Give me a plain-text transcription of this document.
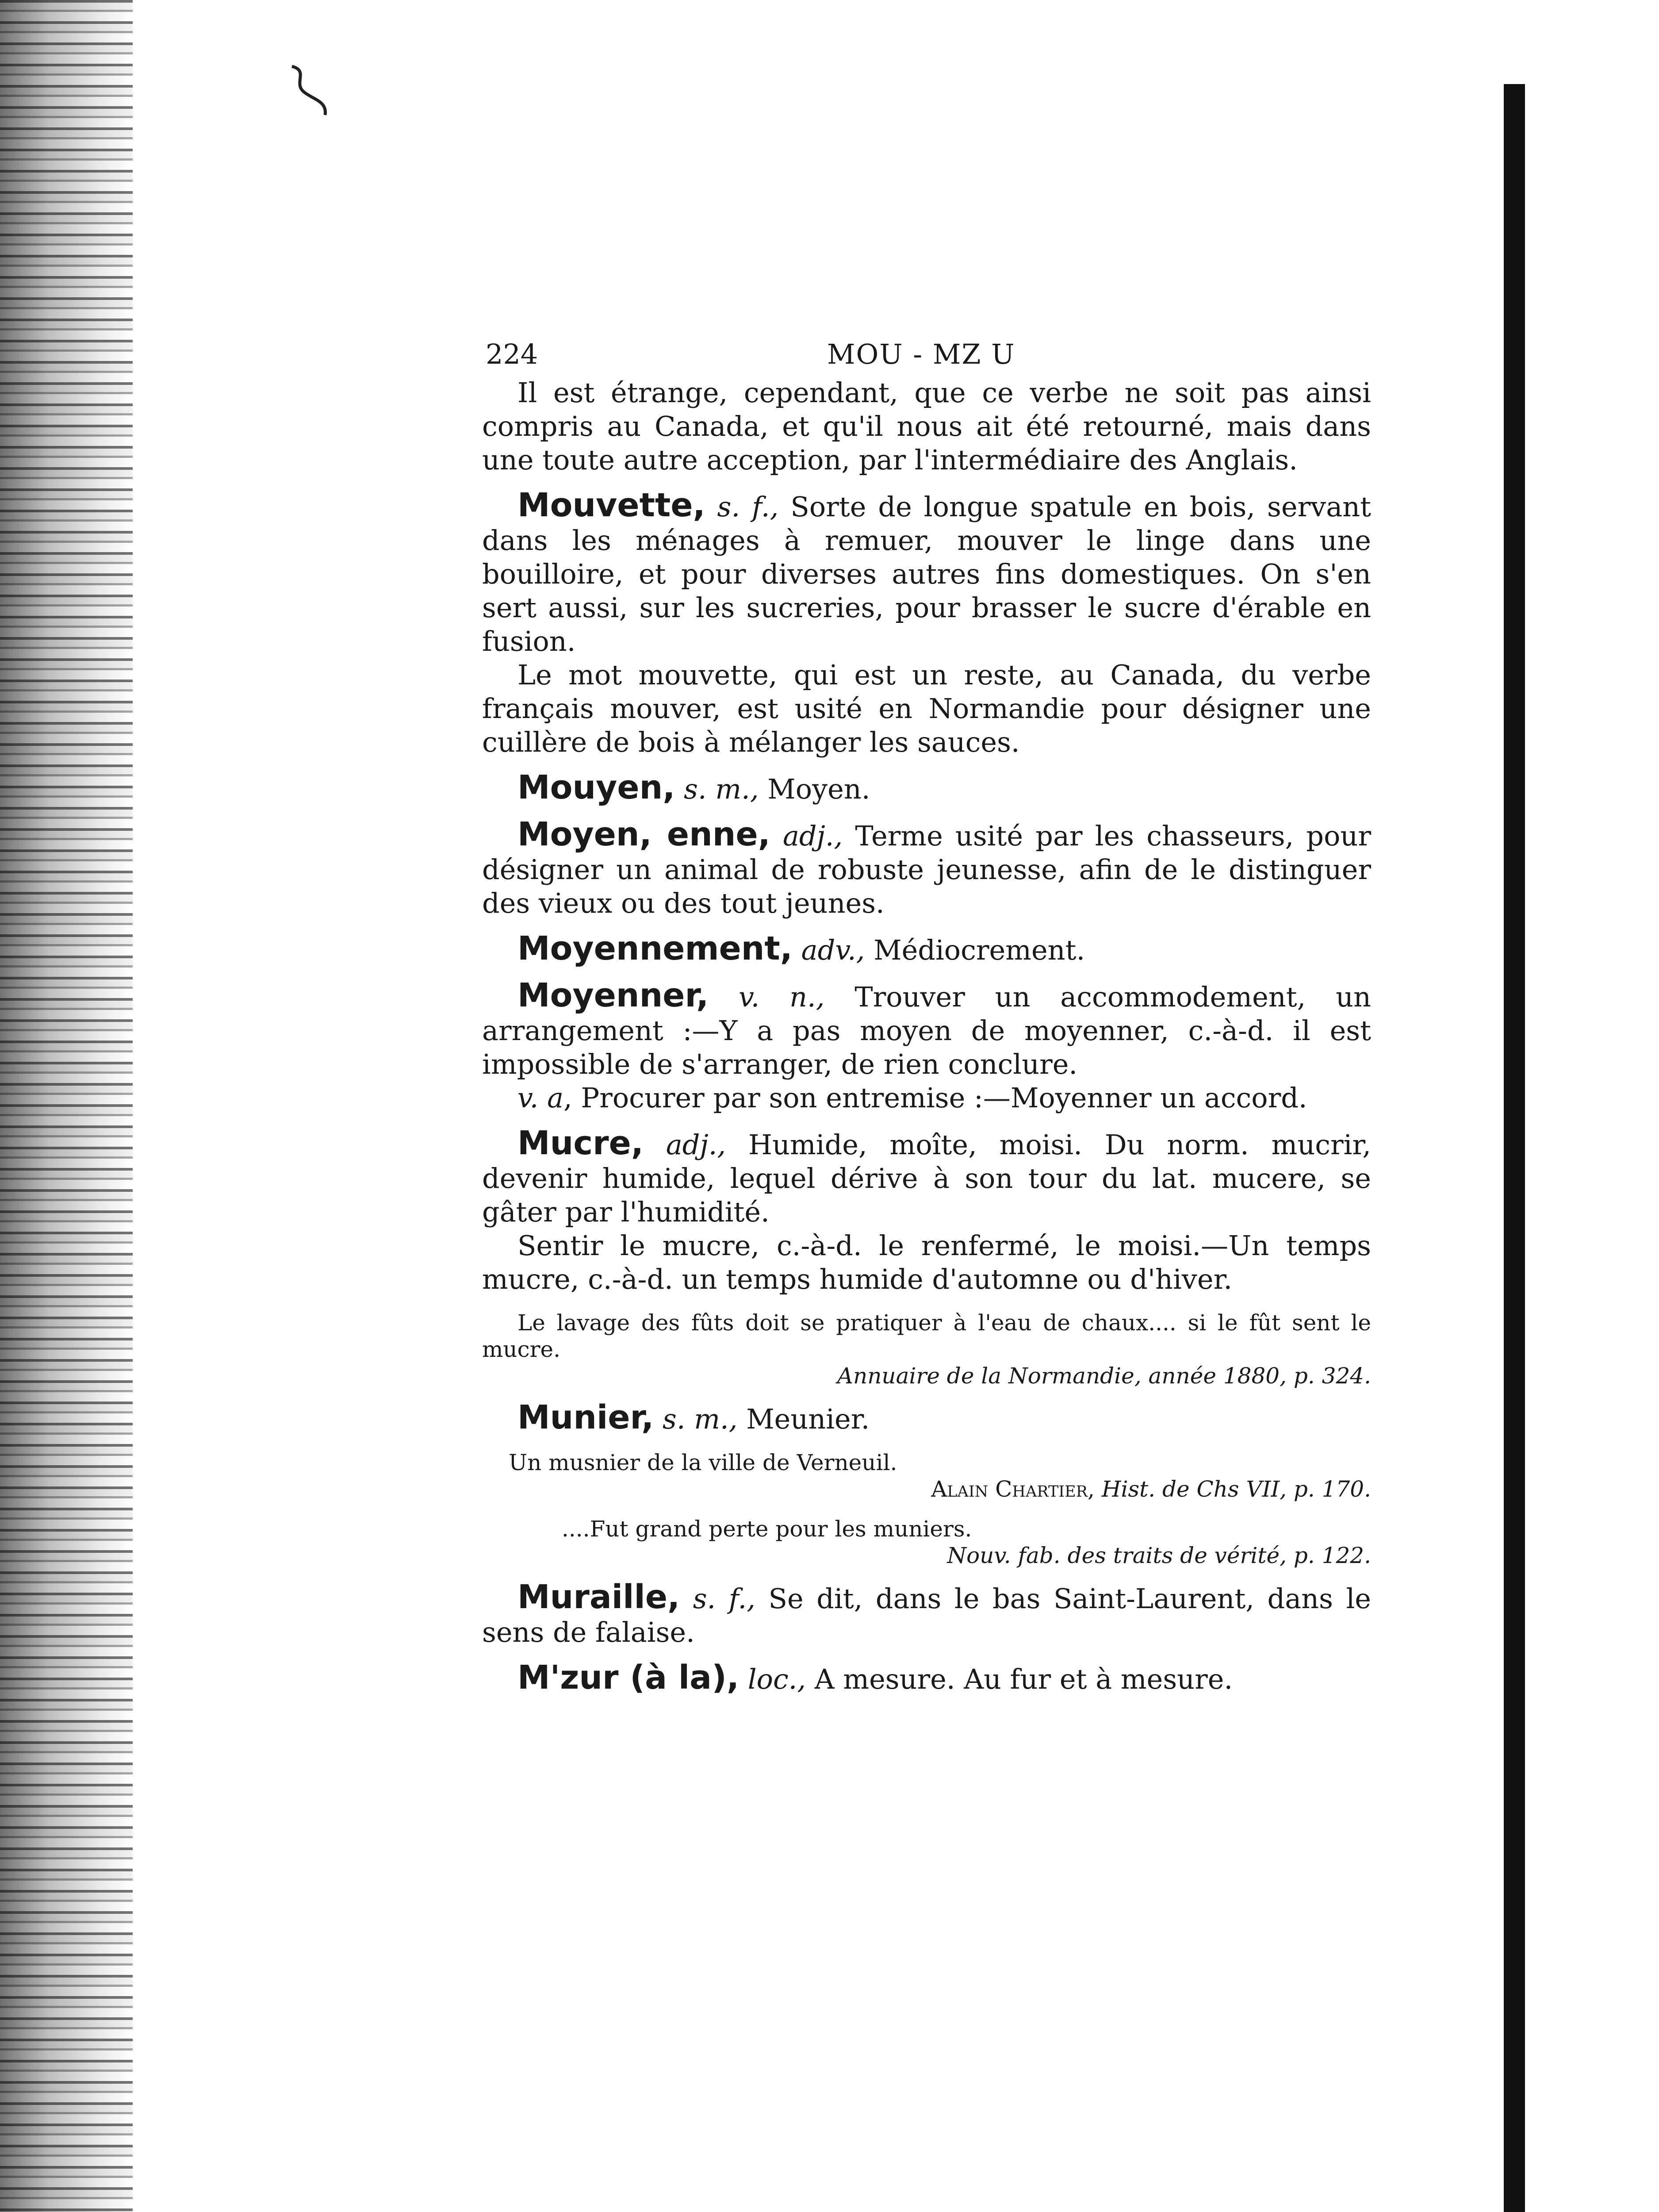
224	MOU - MZ U

Il est étrange, cependant, que ce verbe ne soit pas ainsi compris au Canada, et qu'il nous ait été retourné, mais dans une toute autre acception, par l'intermédiaire des Anglais.

Mouvette, s. f., Sorte de longue spatule en bois, servant dans les ménages à remuer, mouver le linge dans une bouilloire, et pour diverses autres fins domestiques. On s'en sert aussi, sur les sucreries, pour brasser le sucre d'érable en fusion.

Le mot mouvette, qui est un reste, au Canada, du verbe français mouver, est usité en Normandie pour désigner une cuillère de bois à mélanger les sauces.

Mouyen, s. m., Moyen.

Moyen, enne, adj., Terme usité par les chasseurs, pour désigner un animal de robuste jeunesse, afin de le distinguer des vieux ou des tout jeunes.

Moyennement, adv., Médiocrement.

Moyenner, v. n., Trouver un accommodement, un arrangement :—Y a pas moyen de moyenner, c.-à-d. il est impossible de s'arranger, de rien conclure.

v. a, Procurer par son entremise :—Moyenner un accord.

Mucre, adj., Humide, moîte, moisi. Du norm. mucrir, devenir humide, lequel dérive à son tour du lat. mucere, se gâter par l'humidité.

Sentir le mucre, c.-à-d. le renfermé, le moisi.—Un temps mucre, c.-à-d. un temps humide d'automne ou d'hiver.

Le lavage des fûts doit se pratiquer à l'eau de chaux.... si le fût sent le mucre.

Annuaire de la Normandie, année 1880, p. 324.

Munier, s. m., Meunier.

Un musnier de la ville de Verneuil.

Alain Chartier, Hist. de Chs VII, p. 170.

....Fut grand perte pour les muniers.

Nouv. fab. des traits de vérité, p. 122.

Muraille, s. f., Se dit, dans le bas Saint-Laurent, dans le sens de falaise.

M'zur (à la), loc., A mesure. Au fur et à mesure.
